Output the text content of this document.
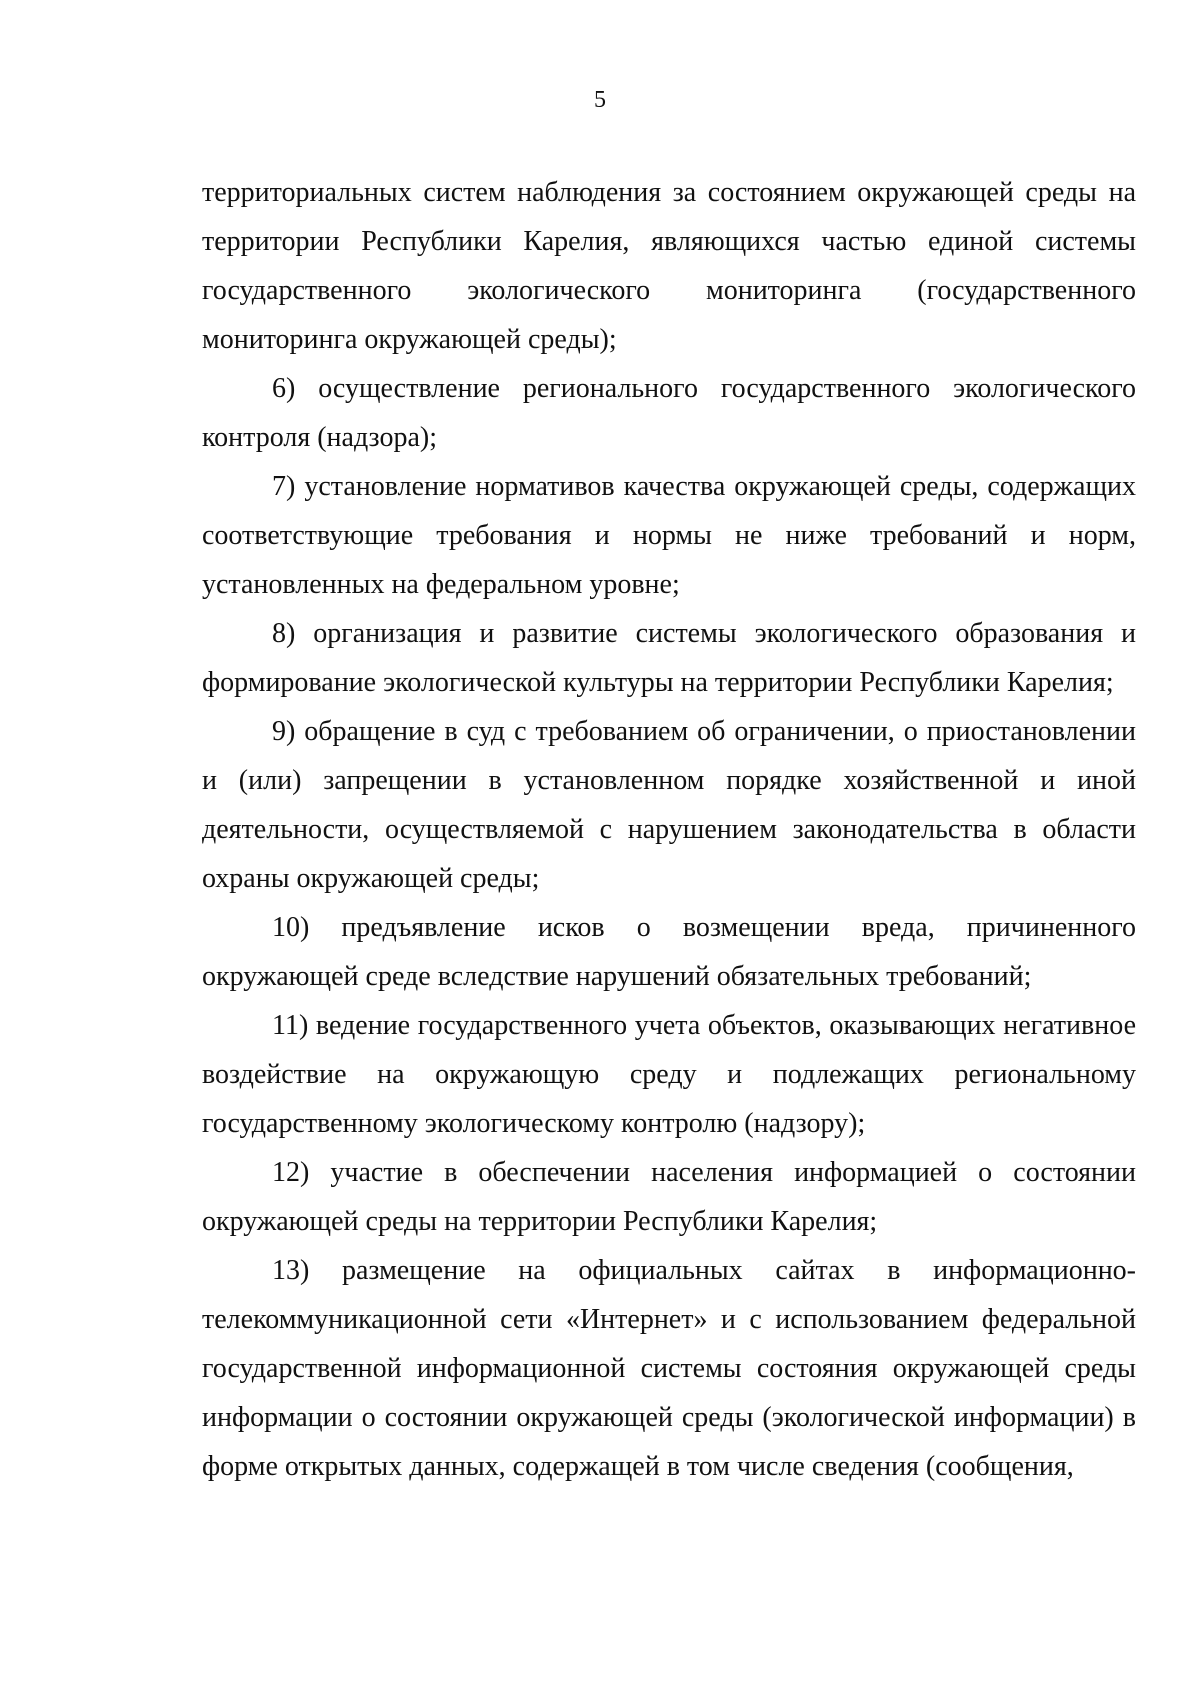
5

территориальных систем наблюдения за состоянием окружающей среды на территории Республики Карелия, являющихся частью единой системы государственного экологического мониторинга (государственного мониторинга окружающей среды);

6) осуществление регионального государственного экологического контроля (надзора);

7) установление нормативов качества окружающей среды, содержащих соответствующие требования и нормы не ниже требований и норм, установленных на федеральном уровне;

8) организация и развитие системы экологического образования и формирование экологической культуры на территории Республики Карелия;

9) обращение в суд с требованием об ограничении, о приостановлении и (или) запрещении в установленном порядке хозяйственной и иной деятельности, осуществляемой с нарушением законодательства в области охраны окружающей среды;

10) предъявление исков о возмещении вреда, причиненного окружающей среде вследствие нарушений обязательных требований;

11) ведение государственного учета объектов, оказывающих негативное воздействие на окружающую среду и подлежащих региональному государственному экологическому контролю (надзору);

12) участие в обеспечении населения информацией о состоянии окружающей среды на территории Республики Карелия;

13) размещение на официальных сайтах в информационно-телекоммуникационной сети «Интернет» и с использованием федеральной государственной информационной системы состояния окружающей среды информации о состоянии окружающей среды (экологической информации) в форме открытых данных, содержащей в том числе сведения (сообщения,
